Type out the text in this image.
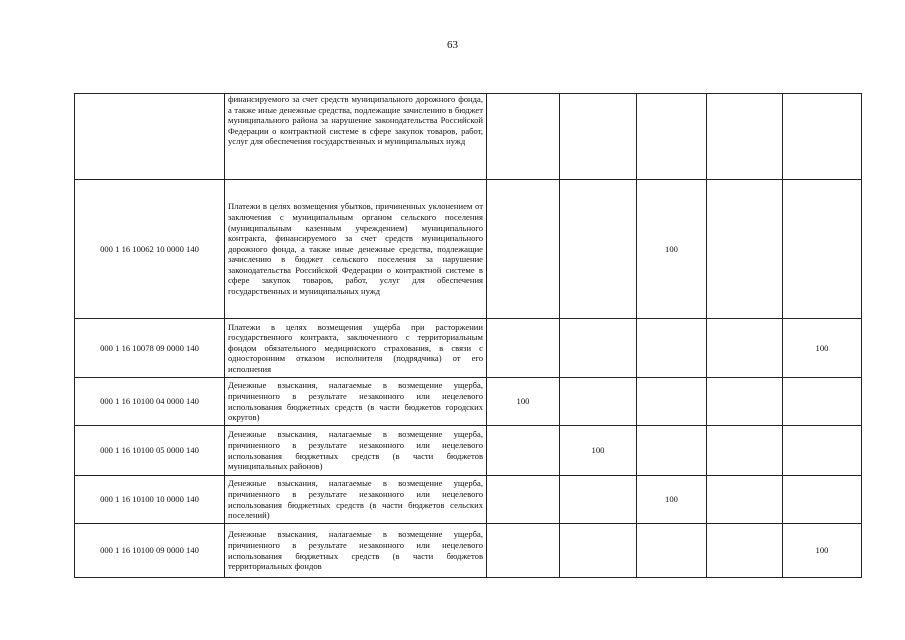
63
	финансируемого за счет средств муниципального дорожного фонда, а также иные денежные средства, подлежащие зачислению в бюджет муниципального района за нарушение законодательства Российской Федерации о контрактной системе в сфере закупок товаров, работ, услуг для обеспечения государственных и муниципальных нужд					
000 1 16 10062 10 0000 140	Платежи в целях возмещения убытков, причиненных уклонением от заключения с муниципальным органом сельского поселения (муниципальным казенным учреждением) муниципального контракта, финансируемого за счет средств муниципального дорожного фонда, а также иные денежные средства, подлежащие зачислению в бюджет сельского поселения за нарушение законодательства Российской Федерации о контрактной системе в сфере закупок товаров, работ, услуг для обеспечения государственных и муниципальных нужд			100		
000 1 16 10078 09 0000 140	Платежи в целях возмещения ущерба при расторжении государственного контракта, заключенного с территориальным фондом обязательного медицинского страхования, в связи с односторонним отказом исполнителя (подрядчика) от его исполнения					100
000 1 16 10100 04 0000 140	Денежные взыскания, налагаемые в возмещение ущерба, причиненного в результате незаконного или нецелевого использования бюджетных средств (в части бюджетов городских округов)	100				
000 1 16 10100 05 0000 140	Денежные взыскания, налагаемые в возмещение ущерба, причиненного в результате незаконного или нецелевого использования бюджетных средств (в части бюджетов муниципальных районов)		100			
000 1 16 10100 10 0000 140	Денежные взыскания, налагаемые в возмещение ущерба, причиненного в результате незаконного или нецелевого использования бюджетных средств (в части бюджетов сельских поселений)			100		
000 1 16 10100 09 0000 140	Денежные взыскания, налагаемые в возмещение ущерба, причиненного в результате незаконного или нецелевого использования бюджетных средств (в части бюджетов территориальных фондов					100
